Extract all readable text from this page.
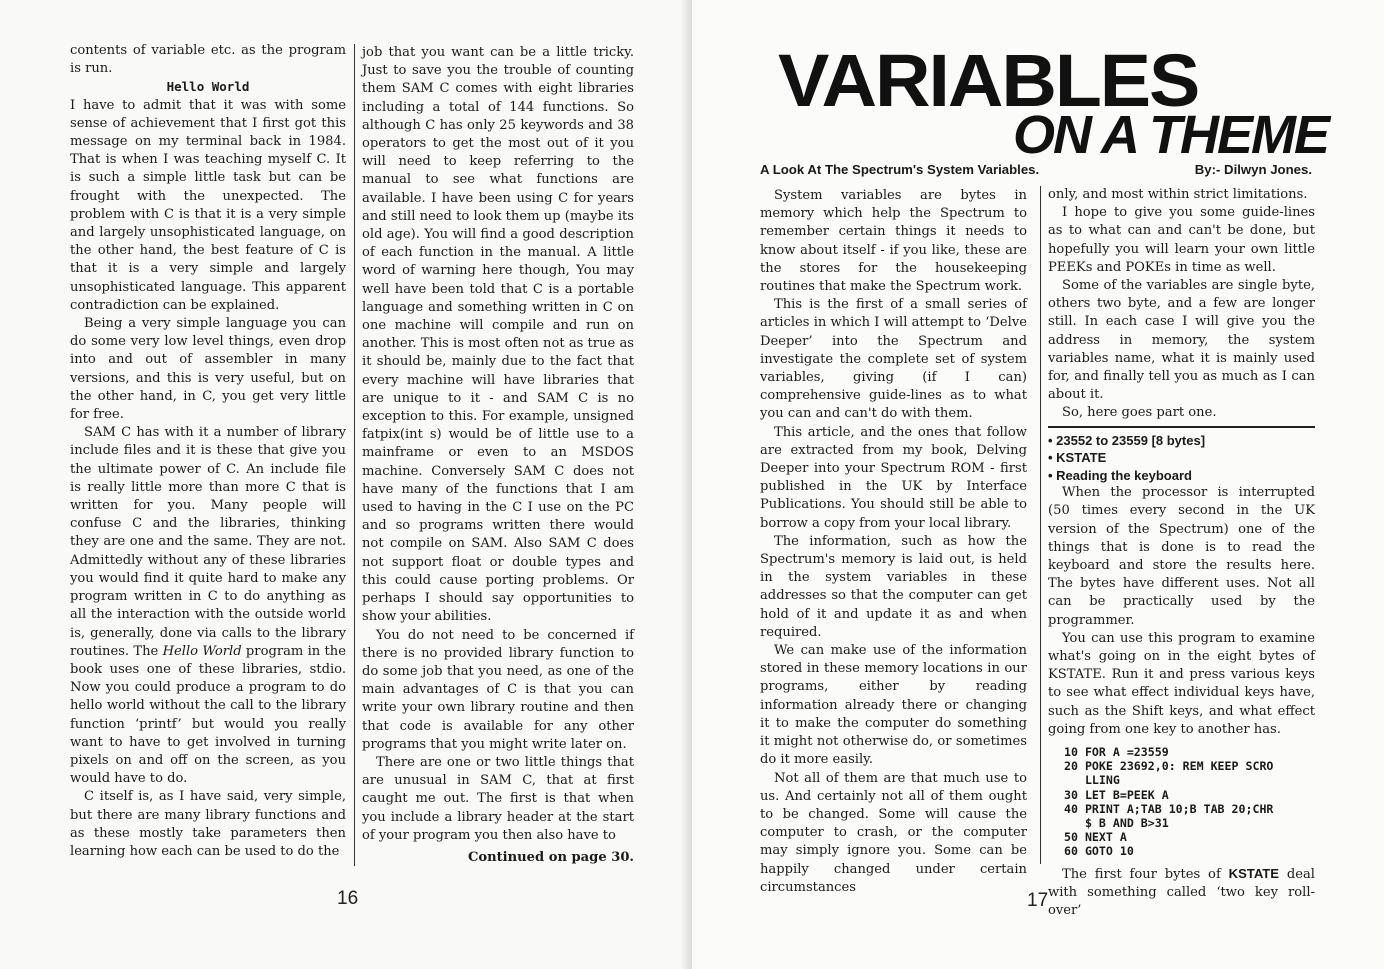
contents of variable etc. as the program is run.

Hello World

I have to admit that it was with some sense of achievement that I first got this message on my terminal back in 1984. That is when I was teaching myself C. It is such a simple little task but can be frought with the unexpected. The problem with C is that it is a very simple and largely unsophisticated language, on the other hand, the best feature of C is that it is a very simple and largely unsophisticated language. This apparent contradiction can be explained.

Being a very simple language you can do some very low level things, even drop into and out of assembler in many versions, and this is very useful, but on the other hand, in C, you get very little for free.

SAM C has with it a number of library include files and it is these that give you the ultimate power of C. An include file is really little more than more C that is written for you. Many people will confuse C and the libraries, thinking they are one and the same. They are not. Admittedly without any of these libraries you would find it quite hard to make any program written in C to do anything as all the interaction with the outside world is, generally, done via calls to the library routines. The Hello World program in the book uses one of these libraries, stdio. Now you could produce a program to do hello world without the call to the library function ‘printf’ but would you really want to have to get involved in turning pixels on and off on the screen, as you would have to do.

C itself is, as I have said, very simple, but there are many library functions and as these mostly take parameters then learning how each can be used to do the

job that you want can be a little tricky. Just to save you the trouble of counting them SAM C comes with eight libraries including a total of 144 functions. So although C has only 25 keywords and 38 operators to get the most out of it you will need to keep referring to the manual to see what functions are available. I have been using C for years and still need to look them up (maybe its old age). You will find a good description of each function in the manual. A little word of warning here though, You may well have been told that C is a portable language and something written in C on one machine will compile and run on another. This is most often not as true as it should be, mainly due to the fact that every machine will have libraries that are unique to it - and SAM C is no exception to this. For example, unsigned fatpix(int s) would be of little use to a mainframe or even to an MSDOS machine. Conversely SAM C does not have many of the functions that I am used to having in the C I use on the PC and so programs written there would not compile on SAM. Also SAM C does not support float or double types and this could cause porting problems. Or perhaps I should say opportunities to show your abilities.

You do not need to be concerned if there is no provided library function to do some job that you need, as one of the main advantages of C is that you can write your own library routine and then that code is available for any other programs that you might write later on.

There are one or two little things that are unusual in SAM C, that at first caught me out. The first is that when you include a library header at the start of your program you then also have to

Continued on page 30.

16
VARIABLES
ON A THEME
A Look At The Spectrum's System Variables.	By:- Dilwyn Jones.

System variables are bytes in memory which help the Spectrum to remember certain things it needs to know about itself - if you like, these are the stores for the housekeeping routines that make the Spectrum work.

This is the first of a small series of articles in which I will attempt to ‘Delve Deeper’ into the Spectrum and investigate the complete set of system variables, giving (if I can) comprehensive guide-lines as to what you can and can't do with them.

This article, and the ones that follow are extracted from my book, Delving Deeper into your Spectrum ROM - first published in the UK by Interface Publications. You should still be able to borrow a copy from your local library.

The information, such as how the Spectrum's memory is laid out, is held in the system variables in these addresses so that the computer can get hold of it and update it as and when required.

We can make use of the information stored in these memory locations in our programs, either by reading information already there or changing it to make the computer do something it might not otherwise do, or sometimes do it more easily.

Not all of them are that much use to us. And certainly not all of them ought to be changed. Some will cause the computer to crash, or the computer may simply ignore you. Some can be happily changed under certain circumstances

only, and most within strict limitations.

I hope to give you some guide-lines as to what can and can't be done, but hopefully you will learn your own little PEEKs and POKEs in time as well.

Some of the variables are single byte, others two byte, and a few are longer still. In each case I will give you the address in memory, the system variables name, what it is mainly used for, and finally tell you as much as I can about it.

So, here goes part one.

• 23552 to 23559 [8 bytes]
• KSTATE
• Reading the keyboard

When the processor is interrupted (50 times every second in the UK version of the Spectrum) one of the things that is done is to read the keyboard and store the results here. The bytes have different uses. Not all can be practically used by the programmer.

You can use this program to examine what's going on in the eight bytes of KSTATE. Run it and press various keys to see what effect individual keys have, such as the Shift keys, and what effect going from one key to another has.

10 FOR A =23559
20 POKE 23692,0: REM KEEP SCRO
LLING
30 LET B=PEEK A
40 PRINT A;TAB 10;B TAB 20;CHR
$ B AND B>31
50 NEXT A
60 GOTO 10

The first four bytes of KSTATE deal with something called ‘two key roll-over’

17
